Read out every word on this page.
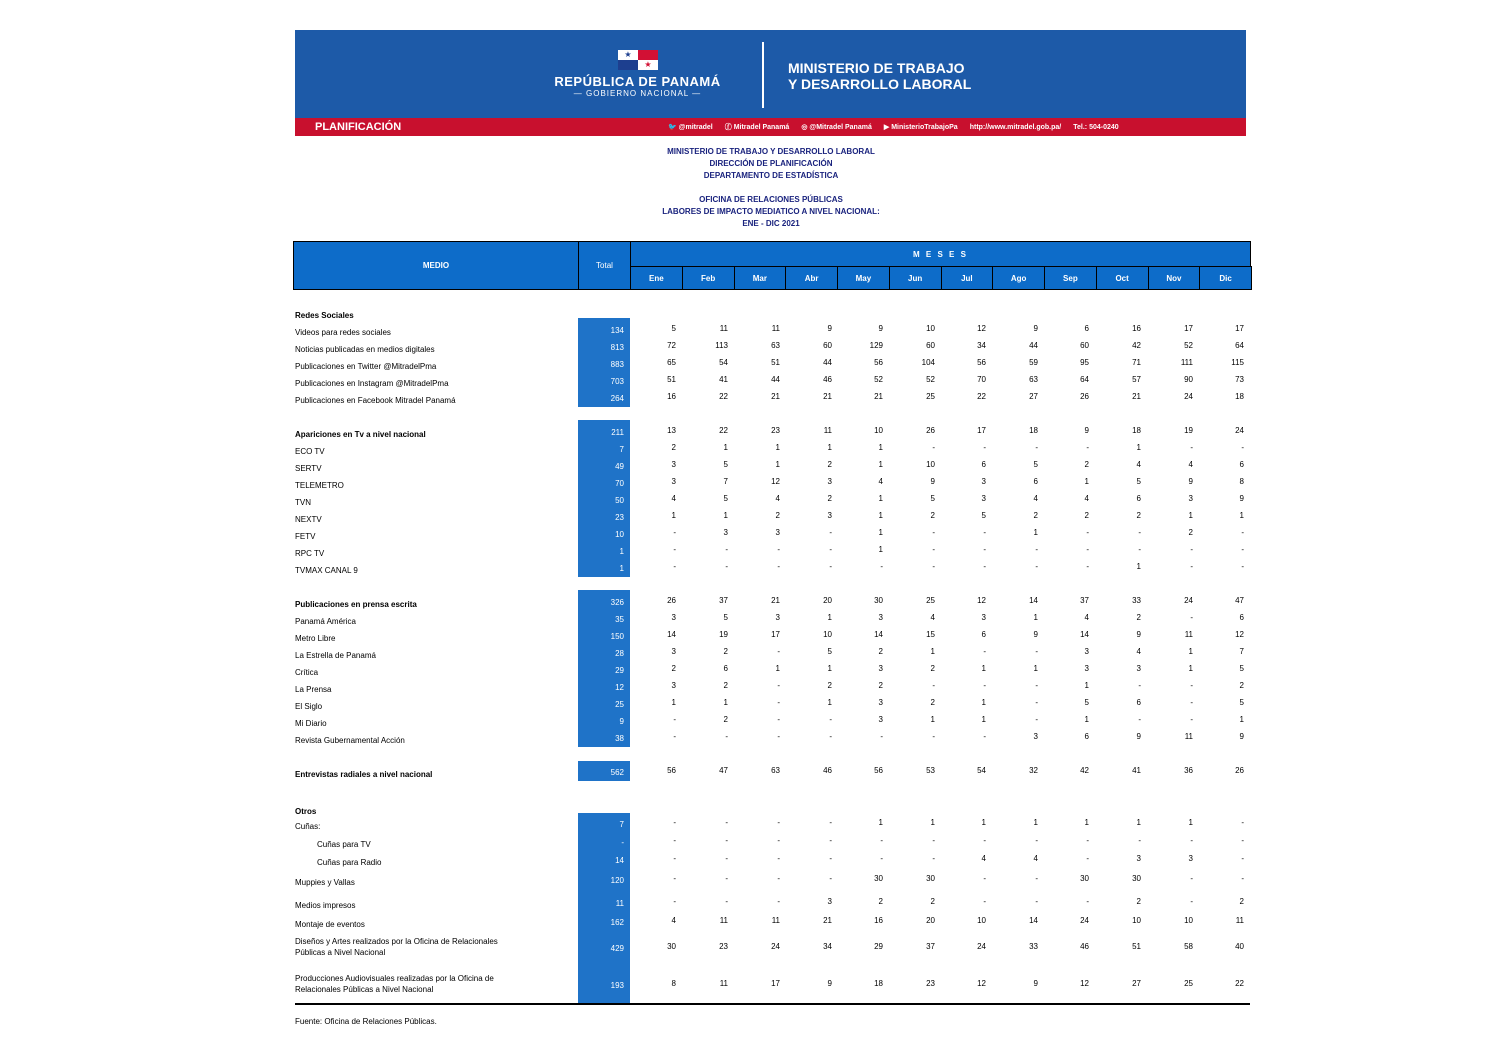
★
★
REPÚBLICA DE PANAMÁ
— GOBIERNO NACIONAL —
MINISTERIO DE TRABAJO
Y DESARROLLO LABORAL
PLANIFICACIÓN	🐦 @mitradel ⓕ Mitradel Panamá ◎ @Mitradel Panamá ▶ MinisterioTrabajoPa http://www.mitradel.gob.pa/ Tel.: 504-0240
MINISTERIO DE TRABAJO Y DESARROLLO LABORAL
DIRECCIÓN DE PLANIFICACIÓN
DEPARTAMENTO DE ESTADÍSTICA
OFICINA DE RELACIONES PÚBLICAS
LABORES DE IMPACTO MEDIATICO A NIVEL NACIONAL:
ENE - DIC 2021
MEDIO	Total
M E S E S
Ene	Feb	Mar	Abr	May	Jun	Jul	Ago	Sep	Oct	Nov	Dic
Redes Sociales
Videos para redes sociales	134	5	11	11	9	9	10	12	9	6	16	17	17
Noticias publicadas en medios digitales	813	72	113	63	60	129	60	34	44	60	42	52	64
Publicaciones en Twitter @MitradelPma	883	65	54	51	44	56	104	56	59	95	71	111	115
Publicaciones en Instagram @MitradelPma	703	51	41	44	46	52	52	70	63	64	57	90	73
Publicaciones en Facebook Mitradel Panamá	264	16	22	21	21	21	25	22	27	26	21	24	18
Apariciones en Tv a nivel nacional	211	13	22	23	11	10	26	17	18	9	18	19	24
ECO TV	7	2	1	1	1	1	-	-	-	-	1	-	-
SERTV	49	3	5	1	2	1	10	6	5	2	4	4	6
TELEMETRO	70	3	7	12	3	4	9	3	6	1	5	9	8
TVN	50	4	5	4	2	1	5	3	4	4	6	3	9
NEXTV	23	1	1	2	3	1	2	5	2	2	2	1	1
FETV	10	-	3	3	-	1	-	-	1	-	-	2	-
RPC TV	1	-	-	-	-	1	-	-	-	-	-	-	-
TVMAX CANAL 9	1	-	-	-	-	-	-	-	-	-	1	-	-
Publicaciones en prensa escrita	326	26	37	21	20	30	25	12	14	37	33	24	47
Panamá América	35	3	5	3	1	3	4	3	1	4	2	-	6
Metro Libre	150	14	19	17	10	14	15	6	9	14	9	11	12
La Estrella de Panamá	28	3	2	-	5	2	1	-	-	3	4	1	7
Crítica	29	2	6	1	1	3	2	1	1	3	3	1	5
La Prensa	12	3	2	-	2	2	-	-	-	1	-	-	2
El Siglo	25	1	1	-	1	3	2	1	-	5	6	-	5
Mi Diario	9	-	2	-	-	3	1	1	-	1	-	-	1
Revista Gubernamental Acción	38	-	-	-	-	-	-	-	3	6	9	11	9
Entrevistas radiales a nivel nacional	562	56	47	63	46	56	53	54	32	42	41	36	26
Otros
Cuñas:	7	-	-	-	-	1	1	1	1	1	1	1	-
Cuñas para TV	-	-	-	-	-	-	-	-	-	-	-	-	-
Cuñas para Radio	14	-	-	-	-	-	-	4	4	-	3	3	-
Muppies y Vallas	120	-	-	-	-	30	30	-	-	30	30	-	-
Medios impresos	11	-	-	-	3	2	2	-	-	-	2	-	2
Montaje de eventos	162	4	11	11	21	16	20	10	14	24	10	10	11
Diseños y Artes realizados por la Oficina de Relacionales
Públicas a Nivel Nacional	429	30	23	24	34	29	37	24	33	46	51	58	40
Producciones Audiovisuales realizadas por la Oficina de
Relacionales Públicas a Nivel Nacional	193	8	11	17	9	18	23	12	9	12	27	25	22
Fuente: Oficina de Relaciones Públicas.
